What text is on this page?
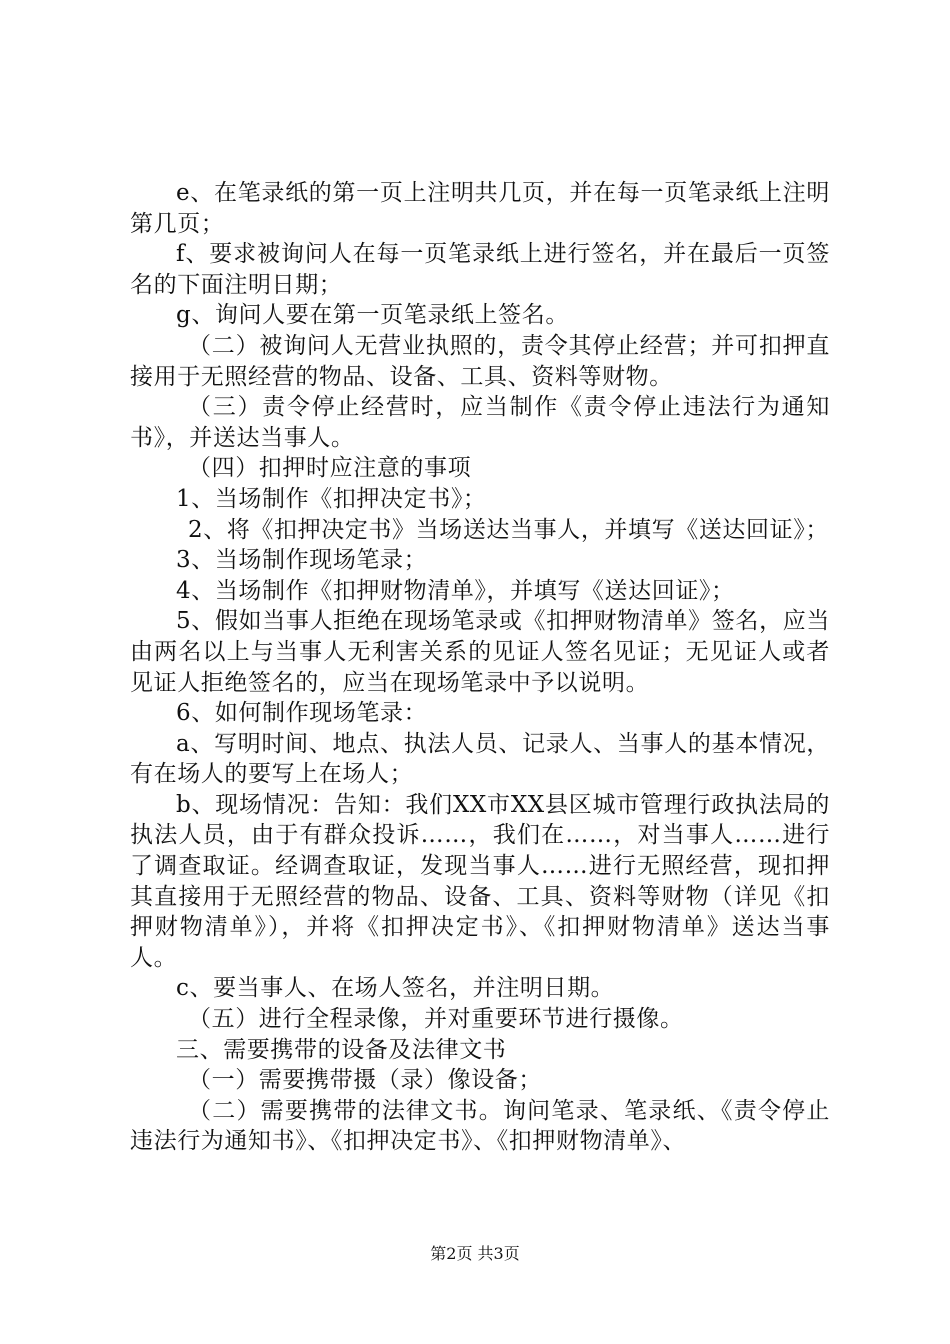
e、在笔录纸的第一页上注明共几页，并在每一页笔录纸上注明第几页；

f、要求被询问人在每一页笔录纸上进行签名，并在最后一页签名的下面注明日期；

g、询问人要在第一页笔录纸上签名。

（二）被询问人无营业执照的，责令其停止经营；并可扣押直接用于无照经营的物品、设备、工具、资料等财物。

（三）责令停止经营时，应当制作《责令停止违法行为通知书》，并送达当事人。

（四）扣押时应注意的事项

1、当场制作《扣押决定书》；

2、将《扣押决定书》当场送达当事人，并填写《送达回证》；

3、当场制作现场笔录；

4、当场制作《扣押财物清单》，并填写《送达回证》；

5、假如当事人拒绝在现场笔录或《扣押财物清单》签名，应当由两名以上与当事人无利害关系的见证人签名见证；无见证人或者见证人拒绝签名的，应当在现场笔录中予以说明。

6、如何制作现场笔录：

a、写明时间、地点、执法人员、记录人、当事人的基本情况，有在场人的要写上在场人；

b、现场情况：告知：我们XX市XX县区城市管理行政执法局的执法人员，由于有群众投诉……，我们在……，对当事人……进行了调查取证。经调查取证，发现当事人……进行无照经营，现扣押其直接用于无照经营的物品、设备、工具、资料等财物（详见《扣押财物清单》），并将《扣押决定书》、《扣押财物清单》送达当事人。

c、要当事人、在场人签名，并注明日期。

（五）进行全程录像，并对重要环节进行摄像。

三、需要携带的设备及法律文书

（一）需要携带摄（录）像设备；

（二）需要携带的法律文书。询问笔录、笔录纸、《责令停止违法行为通知书》、《扣押决定书》、《扣押财物清单》、

第2页 共3页
